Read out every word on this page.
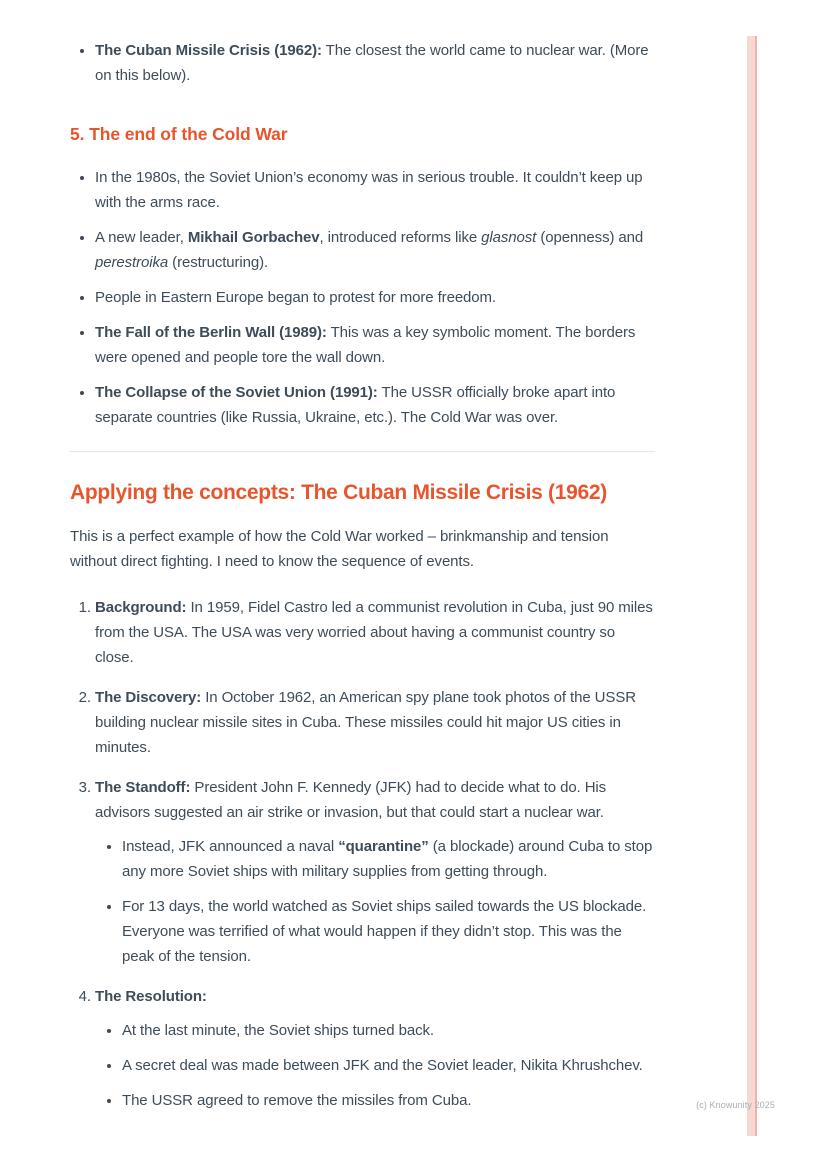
• The Cuban Missile Crisis (1962): The closest the world came to nuclear war. (More on this below).
5. The end of the Cold War
• In the 1980s, the Soviet Union’s economy was in serious trouble. It couldn’t keep up with the arms race.
• A new leader, Mikhail Gorbachev, introduced reforms like glasnost (openness) and perestroika (restructuring).
• People in Eastern Europe began to protest for more freedom.
• The Fall of the Berlin Wall (1989): This was a key symbolic moment. The borders were opened and people tore the wall down.
• The Collapse of the Soviet Union (1991): The USSR officially broke apart into separate countries (like Russia, Ukraine, etc.). The Cold War was over.
Applying the concepts: The Cuban Missile Crisis (1962)

This is a perfect example of how the Cold War worked – brinkmanship and tension without direct fighting. I need to know the sequence of events.

1. Background: In 1959, Fidel Castro led a communist revolution in Cuba, just 90 miles from the USA. The USA was very worried about having a communist country so close.
2. The Discovery: In October 1962, an American spy plane took photos of the USSR building nuclear missile sites in Cuba. These missiles could hit major US cities in minutes.
3. The Standoff: President John F. Kennedy (JFK) had to decide what to do. His advisors suggested an air strike or invasion, but that could start a nuclear war.
• Instead, JFK announced a naval “quarantine” (a blockade) around Cuba to stop any more Soviet ships with military supplies from getting through.
• For 13 days, the world watched as Soviet ships sailed towards the US blockade. Everyone was terrified of what would happen if they didn’t stop. This was the peak of the tension.
4. The Resolution:
• At the last minute, the Soviet ships turned back.
• A secret deal was made between JFK and the Soviet leader, Nikita Khrushchev.
• The USSR agreed to remove the missiles from Cuba.	(c) Knowunity 2025
